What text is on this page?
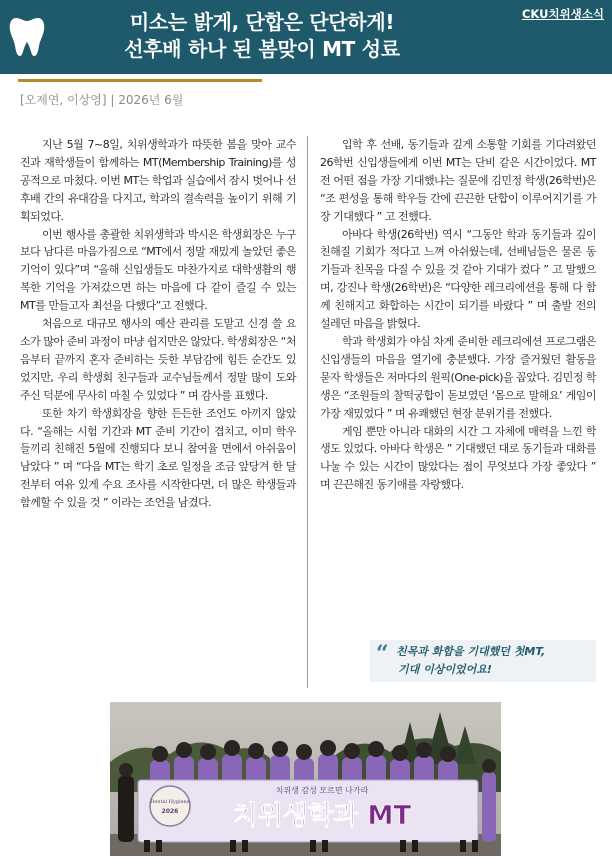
미소는 밝게, 단합은 단단하게!
선후배 하나 된 봄맞이 MT 성료
CKU치위생소식
[오제연, 이상영] | 2026년 6월

지난 5월 7~8일, 치위생학과가 따뜻한 봄을 맞아 교수진과 재학생들이 함께하는 MT(Membership Training)를 성공적으로 마쳤다. 이번 MT는 학업과 실습에서 잠시 벗어나 선후배 간의 유대감을 다지고, 학과의 결속력을 높이기 위해 기획되었다.

이번 행사를 총괄한 치위생학과 박시은 학생회장은 누구보다 남다른 마음가짐으로 “MT에서 정말 재밌게 놀았던 좋은 기억이 있다”며 “올해 신입생들도 마찬가지로 대학생활의 행복한 기억을 가져갔으면 하는 마음에 다 같이 즐길 수 있는 MT를 만들고자 최선을 다했다”고 전했다.

처음으로 대규모 행사의 예산 관리를 도맡고 신경 쓸 요소가 많아 준비 과정이 마냥 쉽지만은 않았다. 학생회장은 “처음부터 끝까지 혼자 준비하는 듯한 부담감에 힘든 순간도 있었지만, 우리 학생회 친구들과 교수님들께서 정말 많이 도와 주신 덕분에 무사히 마칠 수 있었다 ” 며 감사를 표했다.

또한 차기 학생회장을 향한 든든한 조언도 아끼지 않았다. “올해는 시험 기간과 MT 준비 기간이 겹치고, 이미 학우들끼리 친해진 5월에 진행되다 보니 참여율 면에서 아쉬움이 남았다 ” 며 “다음 MT는 학기 초로 일정을 조금 앞당겨 한 달 전부터 여유 있게 수요 조사를 시작한다면, 더 많은 학생들과 함께할 수 있을 것 ” 이라는 조언을 남겼다.

입학 후 선배, 동기들과 깊게 소통할 기회를 기다려왔던 26학번 신입생들에게 이번 MT는 단비 같은 시간이었다. MT 전 어떤 점을 가장 기대했냐는 질문에 김민정 학생(26학번)은 “조 편성을 통해 학우들 간에 끈끈한 단합이 이루어지기를 가장 기대했다 ” 고 전했다.

아바다 학생(26학번) 역시 “그동안 학과 동기들과 깊이 친해질 기회가 적다고 느껴 아쉬웠는데, 선배님들은 물론 동기들과 친목을 다질 수 있을 것 같아 기대가 컸다 ” 고 말했으며, 강진나 학생(26학번)은 “다양한 레크리에션을 통해 다 함께 친해지고 화합하는 시간이 되기를 바랐다 ” 며 출발 전의 설레던 마음을 밝혔다.

학과 학생회가 야심 차게 준비한 레크리에션 프로그램은 신입생들의 마음을 열기에 충분했다. 가장 즐거웠던 활동을 묻자 학생들은 저마다의 원픽(One-pick)을 꼽았다. 김민정 학생은 “조원들의 찰떡궁합이 돋보였던 ‘몸으로 말해요’ 게임이 가장 재밌었다 ” 며 유쾌했던 현장 분위기를 전했다.

게임 뿐만 아니라 대화의 시간 그 자체에 매력을 느낀 학생도 있었다. 아바다 학생은 ” 기대했던 대로 동기들과 대화를 나눌 수 있는 시간이 많았다는 점이 무엇보다 가장 좋았다 ” 며 끈끈해진 동기애를 자랑했다.

“ 친목과 화합을 기대했던 첫MT,
기대 이상이었어요!
치위생 감성 모르면 나가라
치위생학과 MT
Dental Hygiene
2026
